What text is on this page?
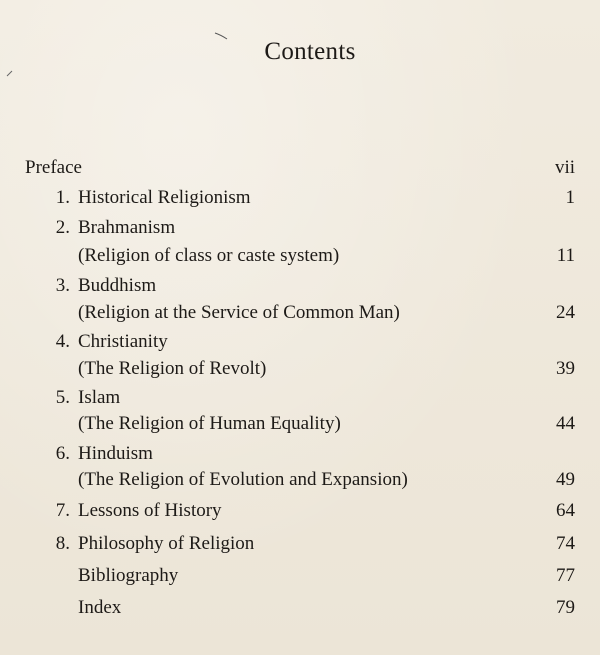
Contents
Preface	vii
1. Historical Religionism	1
2. Brahmanism
(Religion of class or caste system)	11
3. Buddhism
(Religion at the Service of Common Man)	24
4. Christianity
(The Religion of Revolt)	39
5. Islam
(The Religion of Human Equality)	44
6. Hinduism
(The Religion of Evolution and Expansion)	49
7. Lessons of History	64
8. Philosophy of Religion	74
Bibliography	77
Index	79
